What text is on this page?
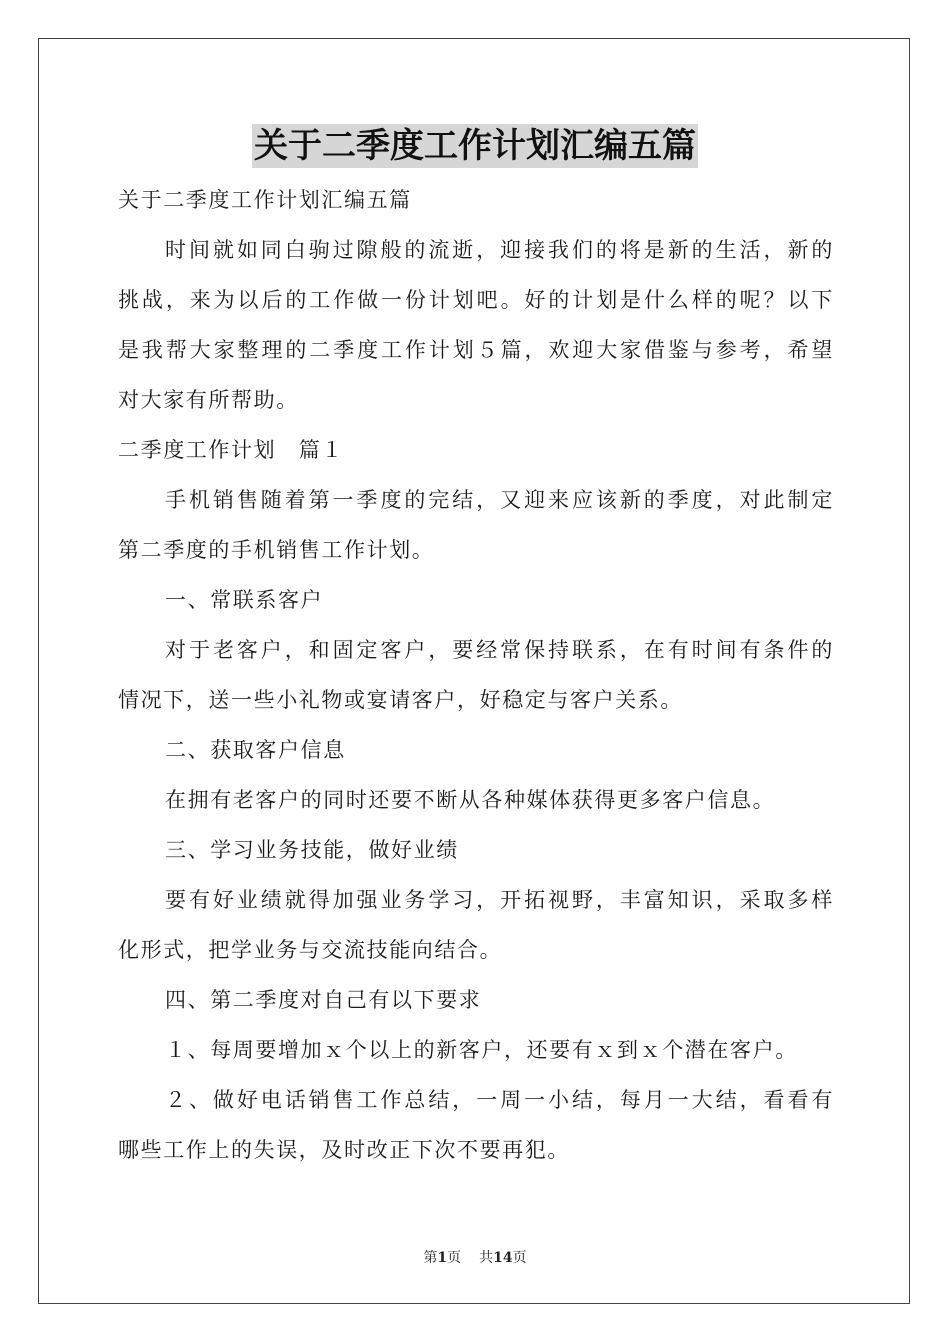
关于二季度工作计划汇编五篇
关于二季度工作计划汇编五篇
时间就如同白驹过隙般的流逝，迎接我们的将是新的生活，新的
挑战，来为以后的工作做一份计划吧。好的计划是什么样的呢？以下
是我帮大家整理的二季度工作计划５篇，欢迎大家借鉴与参考，希望
对大家有所帮助。
二季度工作计划　篇１
手机销售随着第一季度的完结，又迎来应该新的季度，对此制定
第二季度的手机销售工作计划。
一、常联系客户
对于老客户，和固定客户，要经常保持联系，在有时间有条件的
情况下，送一些小礼物或宴请客户，好稳定与客户关系。
二、获取客户信息
在拥有老客户的同时还要不断从各种媒体获得更多客户信息。
三、学习业务技能，做好业绩
要有好业绩就得加强业务学习，开拓视野，丰富知识，采取多样
化形式，把学业务与交流技能向结合。
四、第二季度对自己有以下要求
１、每周要增加ｘ个以上的新客户，还要有ｘ到ｘ个潜在客户。
２、做好电话销售工作总结，一周一小结，每月一大结，看看有
哪些工作上的失误，及时改正下次不要再犯。
第1页 共14页
